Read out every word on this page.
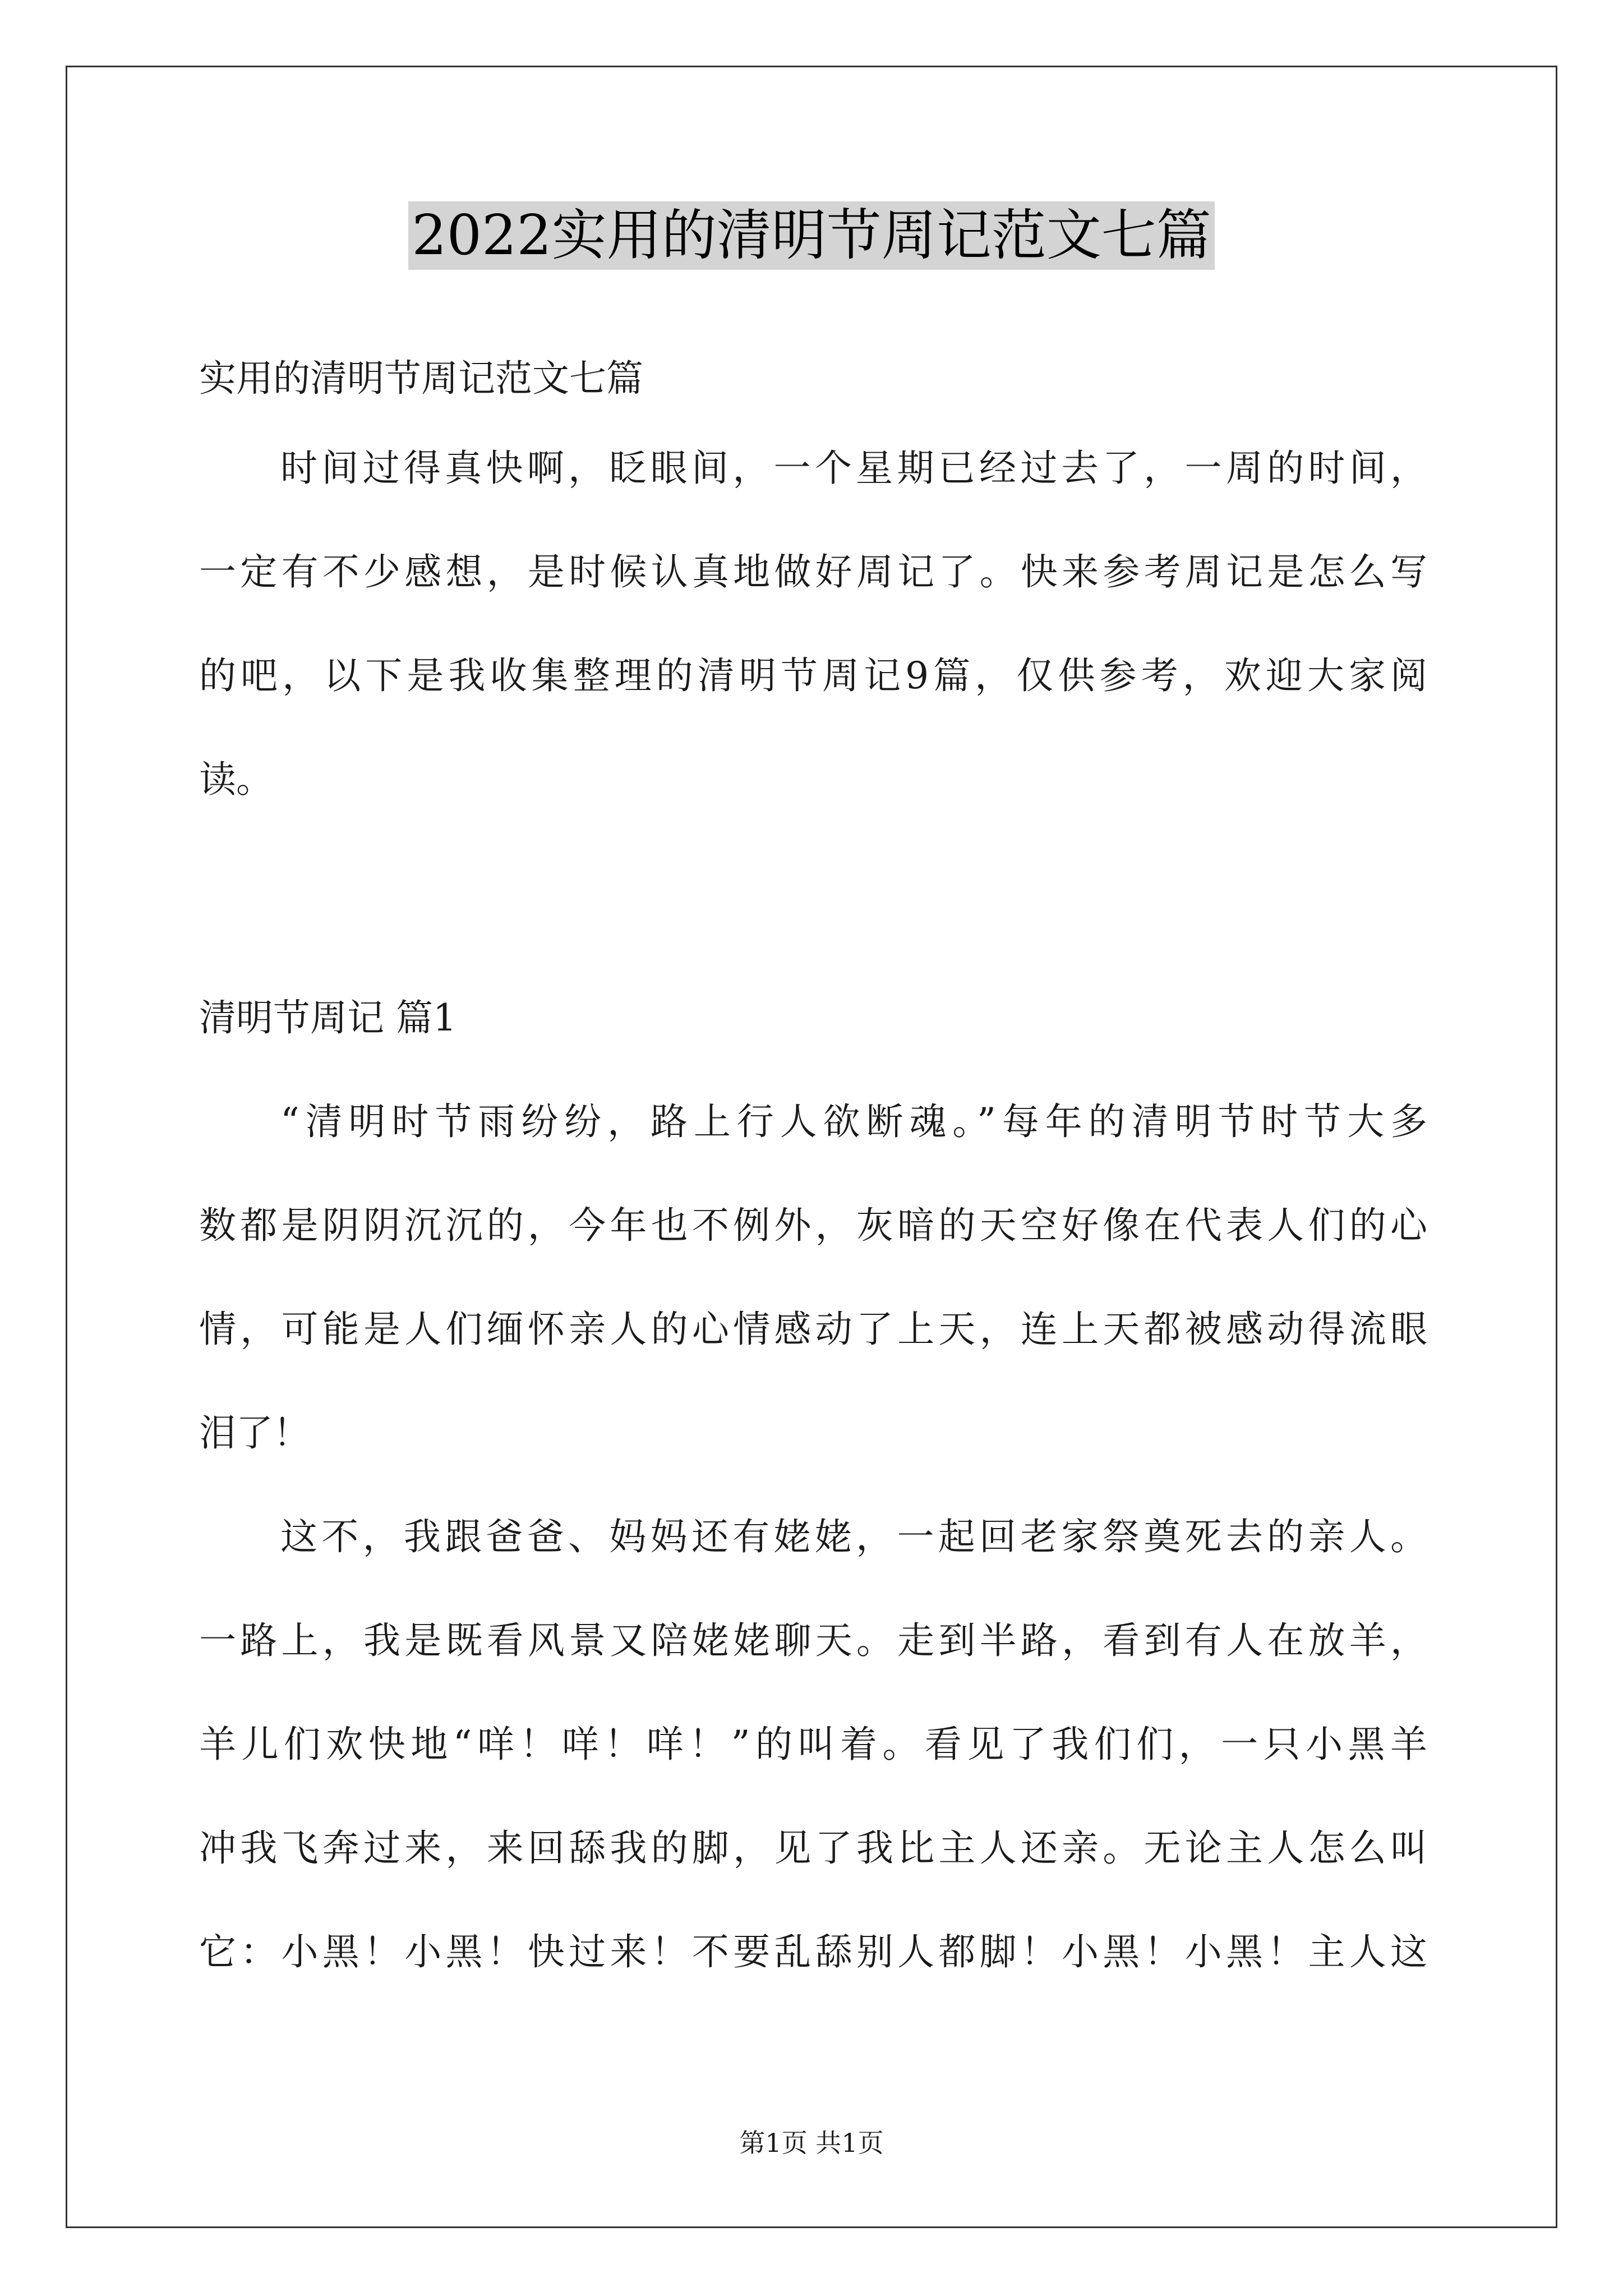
2022实用的清明节周记范文七篇
实用的清明节周记范文七篇
时间过得真快啊，眨眼间，一个星期已经过去了，一周的时间，
一定有不少感想，是时候认真地做好周记了。快来参考周记是怎么写
的吧，以下是我收集整理的清明节周记9篇，仅供参考，欢迎大家阅
读。
清明节周记 篇1
“清明时节雨纷纷，路上行人欲断魂。”每年的清明节时节大多
数都是阴阴沉沉的，今年也不例外，灰暗的天空好像在代表人们的心
情，可能是人们缅怀亲人的心情感动了上天，连上天都被感动得流眼
泪了！
这不，我跟爸爸、妈妈还有姥姥，一起回老家祭奠死去的亲人。
一路上，我是既看风景又陪姥姥聊天。走到半路，看到有人在放羊，
羊儿们欢快地“咩！咩！咩！”的叫着。看见了我们们，一只小黑羊
冲我飞奔过来，来回舔我的脚，见了我比主人还亲。无论主人怎么叫
它：小黑！小黑！快过来！不要乱舔别人都脚！小黑！小黑！主人这
第1页 共1页
